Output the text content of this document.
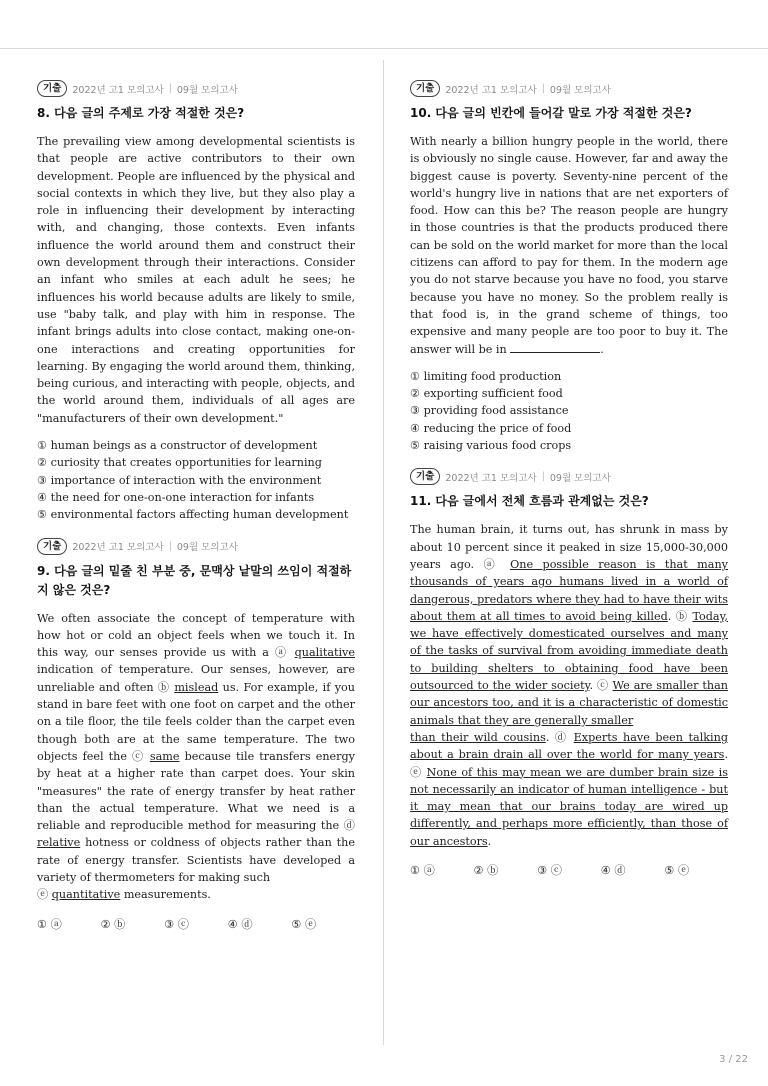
기출	2022년 고1 모의고사 | 09월 모의고사
8. 다음 글의 주제로 가장 적절한 것은?

The prevailing view among developmental scientists is that people are active contributors to their own development. People are influenced by the physical and social contexts in which they live, but they also play a role in influencing their development by interacting with, and changing, those contexts. Even infants influence the world around them and construct their own development through their interactions. Consider an infant who smiles at each adult he sees; he influences his world because adults are likely to smile, use "baby talk, and play with him in response. The infant brings adults into close contact, making one-on-one interactions and creating opportunities for learning. By engaging the world around them, thinking, being curious, and interacting with people, objects, and the world around them, individuals of all ages are "manufacturers of their own development."

① human beings as a constructor of development
② curiosity that creates opportunities for learning
③ importance of interaction with the environment
④ the need for one-on-one interaction for infants
⑤ environmental factors affecting human development
기출	2022년 고1 모의고사 | 09월 모의고사
9. 다음 글의 밑줄 친 부분 중, 문맥상 낱말의 쓰임이 적절하지 않은 것은?

We often associate the concept of temperature with how hot or cold an object feels when we touch it. In this way, our senses provide us with a ⓐ qualitative indication of temperature. Our senses, however, are unreliable and often ⓑ mislead us. For example, if you stand in bare feet with one foot on carpet and the other on a tile floor, the tile feels colder than the carpet even though both are at the same temperature. The two objects feel the ⓒ same because tile transfers energy by heat at a higher rate than carpet does. Your skin "measures" the rate of energy transfer by heat rather than the actual temperature. What we need is a reliable and reproducible method for measuring the ⓓ relative hotness or coldness of objects rather than the rate of energy transfer. Scientists have developed a variety of thermometers for making such
ⓔ quantitative measurements.

① ⓐ	② ⓑ	③ ⓒ	④ ⓓ	⑤ ⓔ
기출	2022년 고1 모의고사 | 09월 모의고사
10. 다음 글의 빈칸에 들어갈 말로 가장 적절한 것은?

With nearly a billion hungry people in the world, there is obviously no single cause. However, far and away the biggest cause is poverty. Seventy-nine percent of the world's hungry live in nations that are net exporters of food. How can this be? The reason people are hungry in those countries is that the products produced there can be sold on the world market for more than the local citizens can afford to pay for them. In the modern age you do not starve because you have no food, you starve because you have no money. So the problem really is that food is, in the grand scheme of things, too expensive and many people are too poor to buy it. The answer will be in	.

① limiting food production
② exporting sufficient food
③ providing food assistance
④ reducing the price of food
⑤ raising various food crops
기출	2022년 고1 모의고사 | 09월 모의고사
11. 다음 글에서 전체 흐름과 관계없는 것은?

The human brain, it turns out, has shrunk in mass by about 10 percent since it peaked in size 15,000-30,000 years ago. ⓐ One possible reason is that many thousands of years ago humans lived in a world of dangerous, predators where they had to have their wits about them at all times to avoid being killed. ⓑ Today, we have effectively domesticated ourselves and many of the tasks of survival from avoiding immediate death to building shelters to obtaining food have been outsourced to the wider society. ⓒ We are smaller than our ancestors too, and it is a characteristic of domestic animals that they are generally smaller
than their wild cousins. ⓓ Experts have been talking about a brain drain all over the world for many years. ⓔ None of this may mean we are dumber brain size is not necessarily an indicator of human intelligence - but it may mean that our brains today are wired up differently, and perhaps more efficiently, than those of our ancestors.

① ⓐ	② ⓑ	③ ⓒ	④ ⓓ	⑤ ⓔ
3 / 22
